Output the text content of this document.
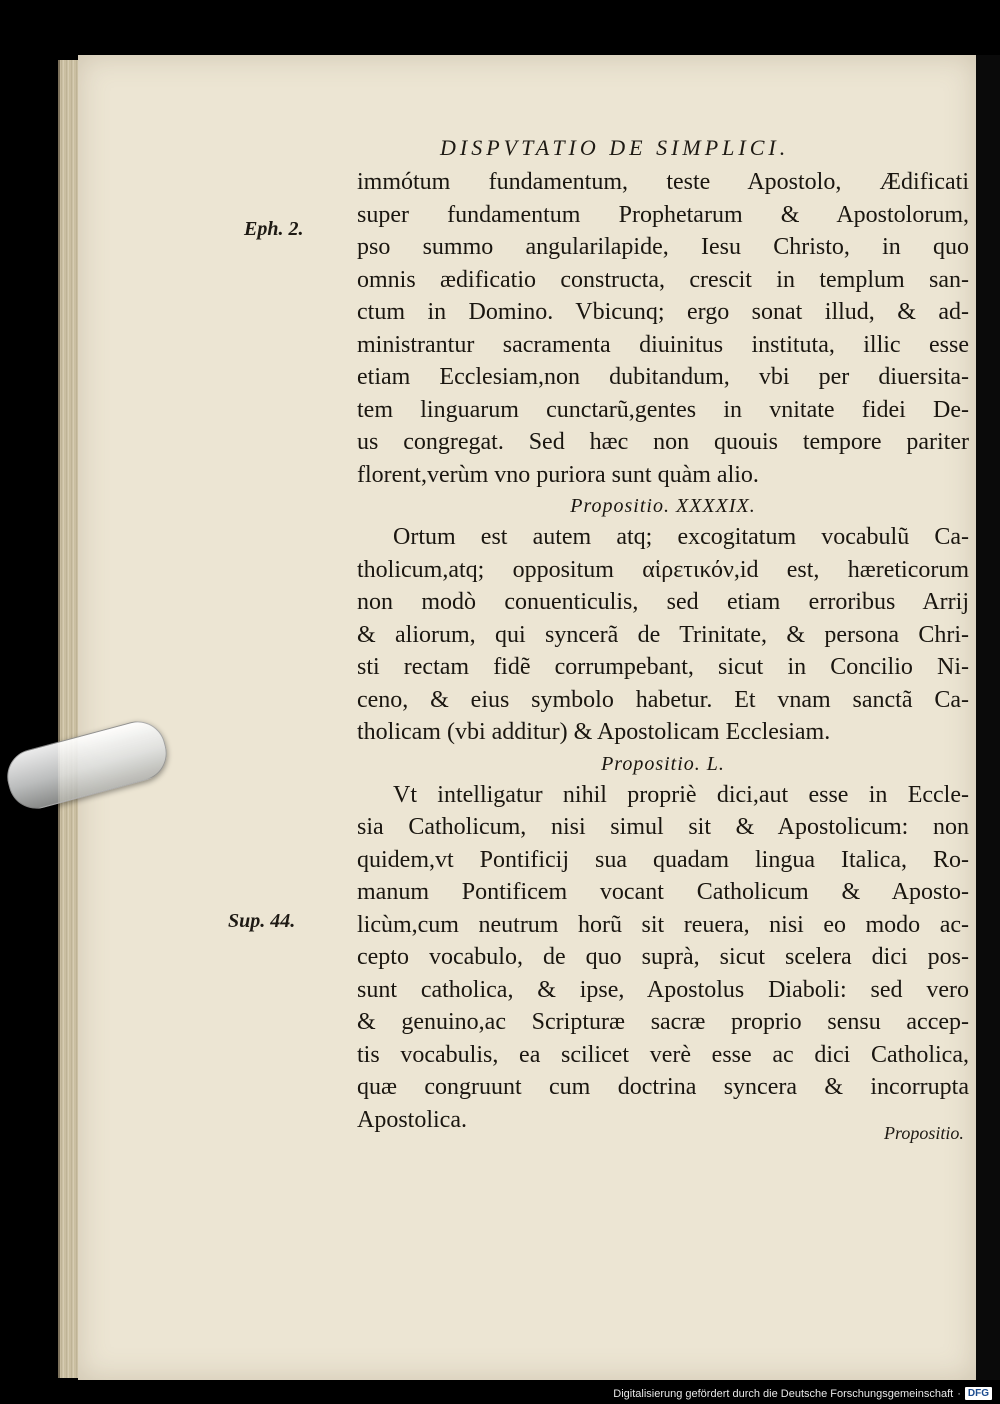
DISPVTATIO DE SIMPLICI.
Eph. 2.
Sup. 44.
immótum fundamentum, teste Apostolo, Ædificati
super fundamentum Prophetarum & Apostolorum,
pso summo angularilapide, Iesu Christo, in quo
omnis ædificatio constructa, crescit in templum san-
ctum in Domino. Vbicunq; ergo sonat illud, & ad-
ministrantur sacramenta diuinitus instituta, illic esse
etiam Ecclesiam,non dubitandum, vbi per diuersita-
tem linguarum cunctarũ,gentes in vnitate fidei De-
us congregat. Sed hæc non quouis tempore pariter
florent,verùm vno puriora sunt quàm alio.
Propositio. XXXXIX.
Ortum est autem atq; excogitatum vocabulũ Ca-
tholicum,atq; oppositum αἱρετικόν,id est, hæreticorum
non modò conuenticulis, sed etiam erroribus Arrij
& aliorum, qui syncerã de Trinitate, & persona Chri-
sti rectam fidẽ corrumpebant, sicut in Concilio Ni-
ceno, & eius symbolo habetur. Et vnam sanctã Ca-
tholicam (vbi additur) & Apostolicam Ecclesiam.
Propositio. L.
Vt intelligatur nihil propriè dici,aut esse in Eccle-
sia Catholicum, nisi simul sit & Apostolicum: non
quidem,vt Pontificij sua quadam lingua Italica, Ro-
manum Pontificem vocant Catholicum & Aposto-
licùm,cum neutrum horũ sit reuera, nisi eo modo ac-
cepto vocabulo, de quo suprà, sicut scelera dici pos-
sunt catholica, & ipse, Apostolus Diaboli: sed vero
& genuino,ac Scripturæ sacræ proprio sensu accep-
tis vocabulis, ea scilicet verè esse ac dici Catholica,
quæ congruunt cum doctrina syncera & incorrupta
Apostolica.
Propositio.
Digitalisierung gefördert durch die Deutsche Forschungsgemeinschaft · DFG
